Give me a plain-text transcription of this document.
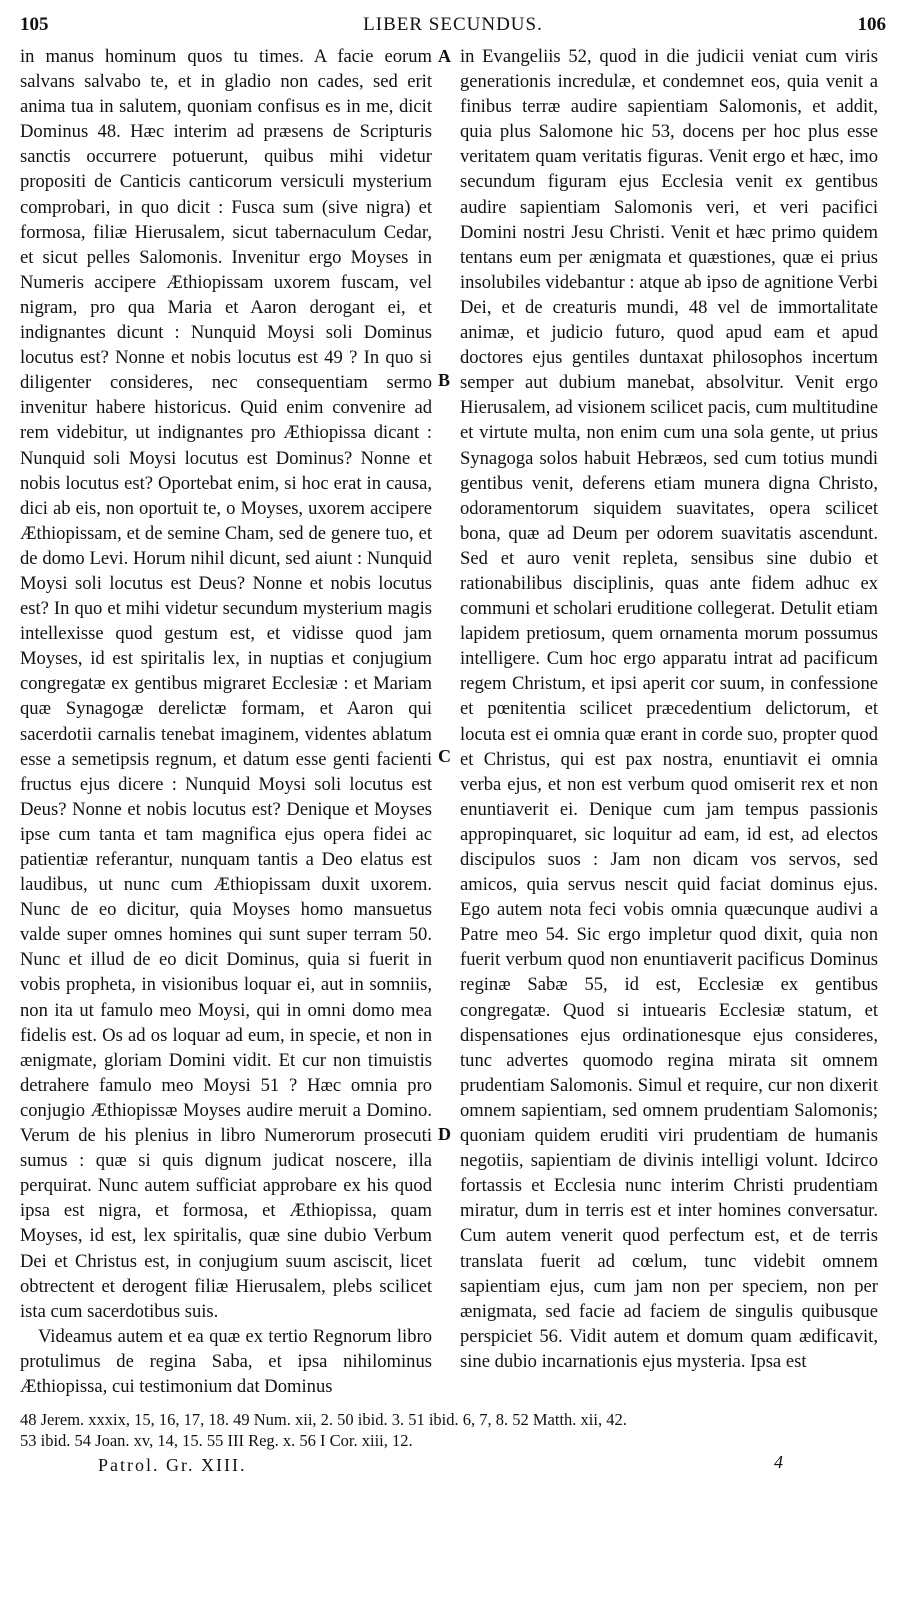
105	LIBER SECUNDUS.	106

in manus hominum quos tu times. A facie eorum salvans salvabo te, et in gladio non cades, sed erit anima tua in salutem, quoniam confisus es in me, dicit Dominus 48. Hæc interim ad præsens de Scripturis sanctis occurrere potuerunt, quibus mihi videtur propositi de Canticis canticorum versiculi mysterium comprobari, in quo dicit : Fusca sum (sive nigra) et formosa, filiæ Hierusalem, sicut tabernaculum Cedar, et sicut pelles Salomonis. Invenitur ergo Moyses in Numeris accipere Æthiopissam uxorem fuscam, vel nigram, pro qua Maria et Aaron derogant ei, et indignantes dicunt : Nunquid Moysi soli Dominus locutus est? Nonne et nobis locutus est 49 ? In quo si diligenter consideres, nec consequentiam sermo invenitur habere historicus. Quid enim convenire ad rem videbitur, ut indignantes pro Æthiopissa dicant : Nunquid soli Moysi locutus est Dominus? Nonne et nobis locutus est? Oportebat enim, si hoc erat in causa, dici ab eis, non oportuit te, o Moyses, uxorem accipere Æthiopissam, et de semine Cham, sed de genere tuo, et de domo Levi. Horum nihil dicunt, sed aiunt : Nunquid Moysi soli locutus est Deus? Nonne et nobis locutus est? In quo et mihi videtur secundum mysterium magis intellexisse quod gestum est, et vidisse quod jam Moyses, id est spiritalis lex, in nuptias et conjugium congregatæ ex gentibus migraret Ecclesiæ : et Mariam quæ Synagogæ derelictæ formam, et Aaron qui sacerdotii carnalis tenebat imaginem, videntes ablatum esse a semetipsis regnum, et datum esse genti facienti fructus ejus dicere : Nunquid Moysi soli locutus est Deus? Nonne et nobis locutus est? Denique et Moyses ipse cum tanta et tam magnifica ejus opera fidei ac patientiæ referantur, nunquam tantis a Deo elatus est laudibus, ut nunc cum Æthiopissam duxit uxorem. Nunc de eo dicitur, quia Moyses homo mansuetus valde super omnes homines qui sunt super terram 50. Nunc et illud de eo dicit Dominus, quia si fuerit in vobis propheta, in visionibus loquar ei, aut in somniis, non ita ut famulo meo Moysi, qui in omni domo mea fidelis est. Os ad os loquar ad eum, in specie, et non in ænigmate, gloriam Domini vidit. Et cur non timuistis detrahere famulo meo Moysi 51 ? Hæc omnia pro conjugio Æthiopissæ Moyses audire meruit a Domino. Verum de his plenius in libro Numerorum prosecuti sumus : quæ si quis dignum judicat noscere, illa perquirat. Nunc autem sufficiat approbare ex his quod ipsa est nigra, et formosa, et Æthiopissa, quam Moyses, id est, lex spiritalis, quæ sine dubio Verbum Dei et Christus est, in conjugium suum asciscit, licet obtrectent et derogent filiæ Hierusalem, plebs scilicet ista cum sacerdotibus suis.

Videamus autem et ea quæ ex tertio Regnorum libro protulimus de regina Saba, et ipsa nihilominus Æthiopissa, cui testimonium dat Dominus

A
B
C
D

in Evangeliis 52, quod in die judicii veniat cum viris generationis incredulæ, et condemnet eos, quia venit a finibus terræ audire sapientiam Salomonis, et addit, quia plus Salomone hic 53, docens per hoc plus esse veritatem quam veritatis figuras. Venit ergo et hæc, imo secundum figuram ejus Ecclesia venit ex gentibus audire sapientiam Salomonis veri, et veri pacifici Domini nostri Jesu Christi. Venit et hæc primo quidem tentans eum per ænigmata et quæstiones, quæ ei prius insolubiles videbantur : atque ab ipso de agnitione Verbi Dei, et de creaturis mundi, 48 vel de immortalitate animæ, et judicio futuro, quod apud eam et apud doctores ejus gentiles duntaxat philosophos incertum semper aut dubium manebat, absolvitur. Venit ergo Hierusalem, ad visionem scilicet pacis, cum multitudine et virtute multa, non enim cum una sola gente, ut prius Synagoga solos habuit Hebræos, sed cum totius mundi gentibus venit, deferens etiam munera digna Christo, odoramentorum siquidem suavitates, opera scilicet bona, quæ ad Deum per odorem suavitatis ascendunt. Sed et auro venit repleta, sensibus sine dubio et rationabilibus disciplinis, quas ante fidem adhuc ex communi et scholari eruditione collegerat. Detulit etiam lapidem pretiosum, quem ornamenta morum possumus intelligere. Cum hoc ergo apparatu intrat ad pacificum regem Christum, et ipsi aperit cor suum, in confessione et pœnitentia scilicet præcedentium delictorum, et locuta est ei omnia quæ erant in corde suo, propter quod et Christus, qui est pax nostra, enuntiavit ei omnia verba ejus, et non est verbum quod omiserit rex et non enuntiaverit ei. Denique cum jam tempus passionis appropinquaret, sic loquitur ad eam, id est, ad electos discipulos suos : Jam non dicam vos servos, sed amicos, quia servus nescit quid faciat dominus ejus. Ego autem nota feci vobis omnia quæcunque audivi a Patre meo 54. Sic ergo impletur quod dixit, quia non fuerit verbum quod non enuntiaverit pacificus Dominus reginæ Sabæ 55, id est, Ecclesiæ ex gentibus congregatæ. Quod si intuearis Ecclesiæ statum, et dispensationes ejus ordinationesque ejus consideres, tunc advertes quomodo regina mirata sit omnem prudentiam Salomonis. Simul et require, cur non dixerit omnem sapientiam, sed omnem prudentiam Salomonis; quoniam quidem eruditi viri prudentiam de humanis negotiis, sapientiam de divinis intelligi volunt. Idcirco fortassis et Ecclesia nunc interim Christi prudentiam miratur, dum in terris est et inter homines conversatur. Cum autem venerit quod perfectum est, et de terris translata fuerit ad cœlum, tunc videbit omnem sapientiam ejus, cum jam non per speciem, non per ænigmata, sed facie ad faciem de singulis quibusque perspiciet 56. Vidit autem et domum quam ædificavit, sine dubio incarnationis ejus mysteria. Ipsa est

48 Jerem. xxxix, 15, 16, 17, 18. 49 Num. xii, 2. 50 ibid. 3. 51 ibid. 6, 7, 8. 52 Matth. xii, 42.
53 ibid. 54 Joan. xv, 14, 15. 55 III Reg. x. 56 I Cor. xiii, 12.
Patrol. Gr. XIII.	4
